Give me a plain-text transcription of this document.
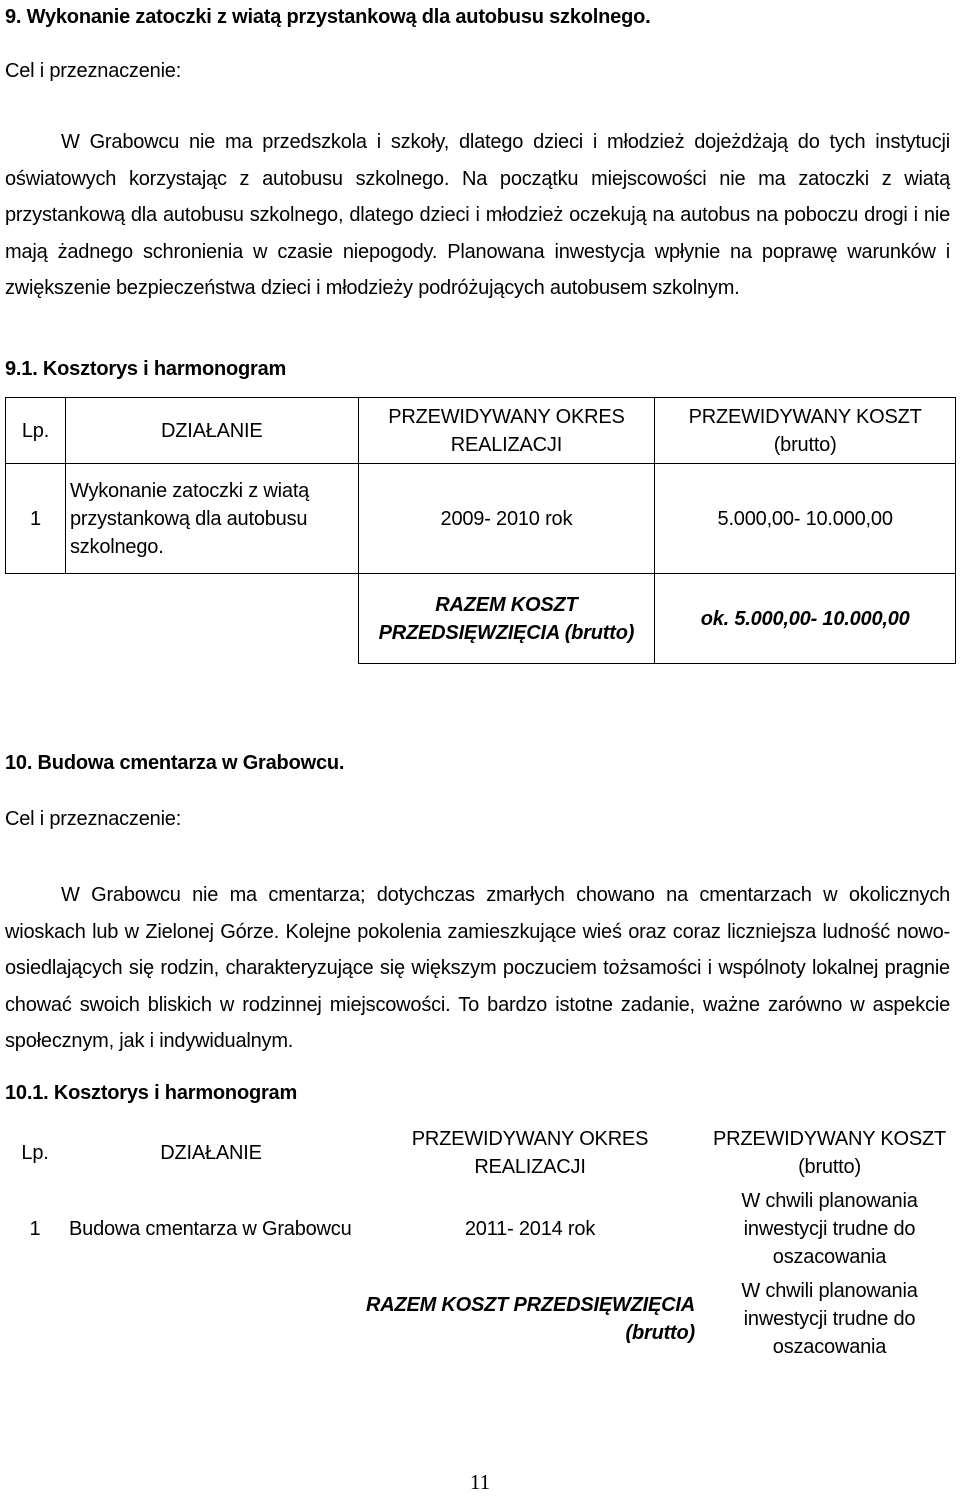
9. Wykonanie zatoczki z wiatą przystankową dla autobusu szkolnego.
Cel i przeznaczenie:

W Grabowcu nie ma przedszkola i szkoły, dlatego dzieci i młodzież dojeżdżają do tych instytucji oświatowych korzystając z autobusu szkolnego. Na początku miejscowości nie ma zatoczki z wiatą przystankową dla autobusu szkolnego, dlatego dzieci i młodzież oczekują na autobus na poboczu drogi i nie mają żadnego schronienia w czasie niepogody. Planowana inwestycja wpłynie na poprawę warunków i zwiększenie bezpieczeństwa dzieci i młodzieży podróżujących autobusem szkolnym.

9.1. Kosztorys i harmonogram
Lp.	DZIAŁANIE	PRZEWIDYWANY OKRES REALIZACJI	PRZEWIDYWANY KOSZT (brutto)
1	Wykonanie zatoczki z wiatą przystankową dla autobusu szkolnego.	2009- 2010 rok	5.000,00- 10.000,00
		RAZEM KOSZT PRZEDSIĘWZIĘCIA (brutto)	ok. 5.000,00- 10.000,00
10. Budowa cmentarza w Grabowcu.
Cel i przeznaczenie:

W Grabowcu nie ma cmentarza; dotychczas zmarłych chowano na cmentarzach w okolicznych wioskach lub w Zielonej Górze. Kolejne pokolenia zamieszkujące wieś oraz coraz liczniejsza ludność nowo-osiedlających się rodzin, charakteryzujące się większym poczuciem tożsamości i wspólnoty lokalnej pragnie chować swoich bliskich w rodzinnej miejscowości. To bardzo istotne zadanie, ważne zarówno w aspekcie społecznym, jak i indywidualnym.

10.1. Kosztorys i harmonogram
Lp.	DZIAŁANIE	PRZEWIDYWANY OKRES REALIZACJI	PRZEWIDYWANY KOSZT (brutto)
1	Budowa cmentarza w Grabowcu	2011- 2014 rok	W chwili planowania inwestycji trudne do oszacowania
		RAZEM KOSZT PRZEDSIĘWZIĘCIA (brutto)	W chwili planowania inwestycji trudne do oszacowania
11
